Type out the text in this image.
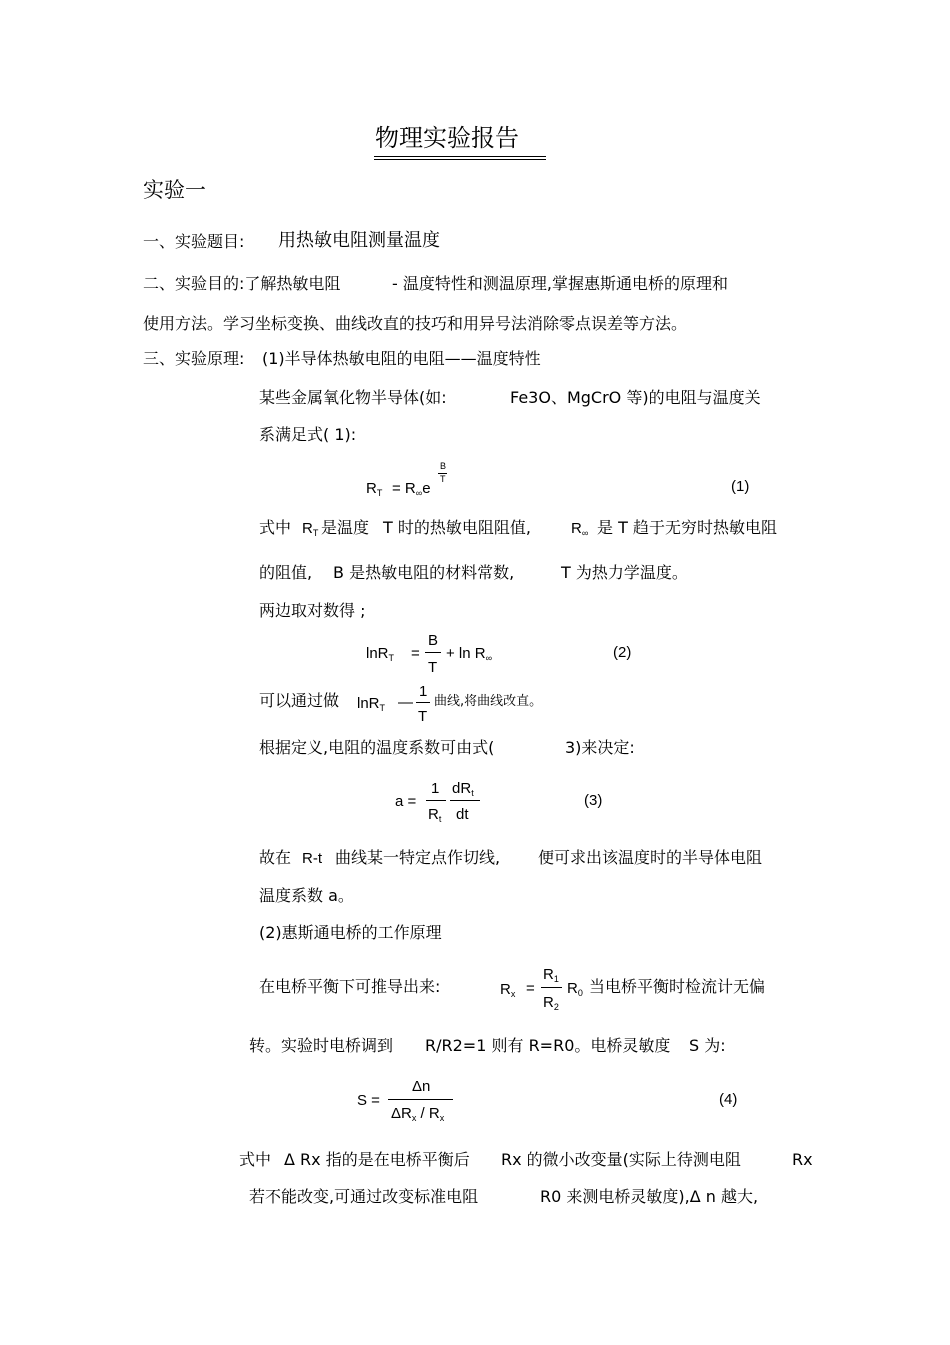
物理实验报告
实验一
一、实验题目: 用热敏电阻测量温度
二、实验目的:了解热敏电阻	- 温度特性和测温原理,掌握惠斯通电桥的原理和
使用方法。学习坐标变换、曲线改直的技巧和用异号法消除零点误差等方法。
三、实验原理: (1)半导体热敏电阻的电阻——温度特性
某些金属氧化物半导体(如:	Fe3O、MgCrO 等)的电阻与温度关
系满足式( 1):
$R_T = R_\infty e$
B
T	(1)
式中 $R_T$ 是温度 T 时的热敏电阻阻值,	$R_\infty$ 是 T 趋于无穷时热敏电阻
的阻值, B 是热敏电阻的材料常数,	T 为热力学温度。
两边取对数得 ;
lnR$_T$ =
B
T
+ $\ln R_\infty$	(2)
可以通过做 lnR$_T$ —
1
T
曲线,将曲线改直。
根据定义,电阻的温度系数可由式(	3)来决定:
a =
1
$R_t$
$dR_t$
dt
(3)
故在 R-t 曲线某一特定点作切线, 便可求出该温度时的半导体电阻
温度系数 a。
(2)惠斯通电桥的工作原理
在电桥平衡下可推导出来:	$R_x$ =
$R_1$
$R_2$
$R_0$ 当电桥平衡时检流计无偏
转。实验时电桥调到 R/R2=1 则有 R=R0。电桥灵敏度 S 为:
S =
Δn
$\Delta R_x / R_x$
(4)
式中 Δ Rx 指的是在电桥平衡后 Rx 的微小改变量(实际上待测电阻	Rx
若不能改变,可通过改变标准电阻	R0 来测电桥灵敏度),Δ n 越大,
